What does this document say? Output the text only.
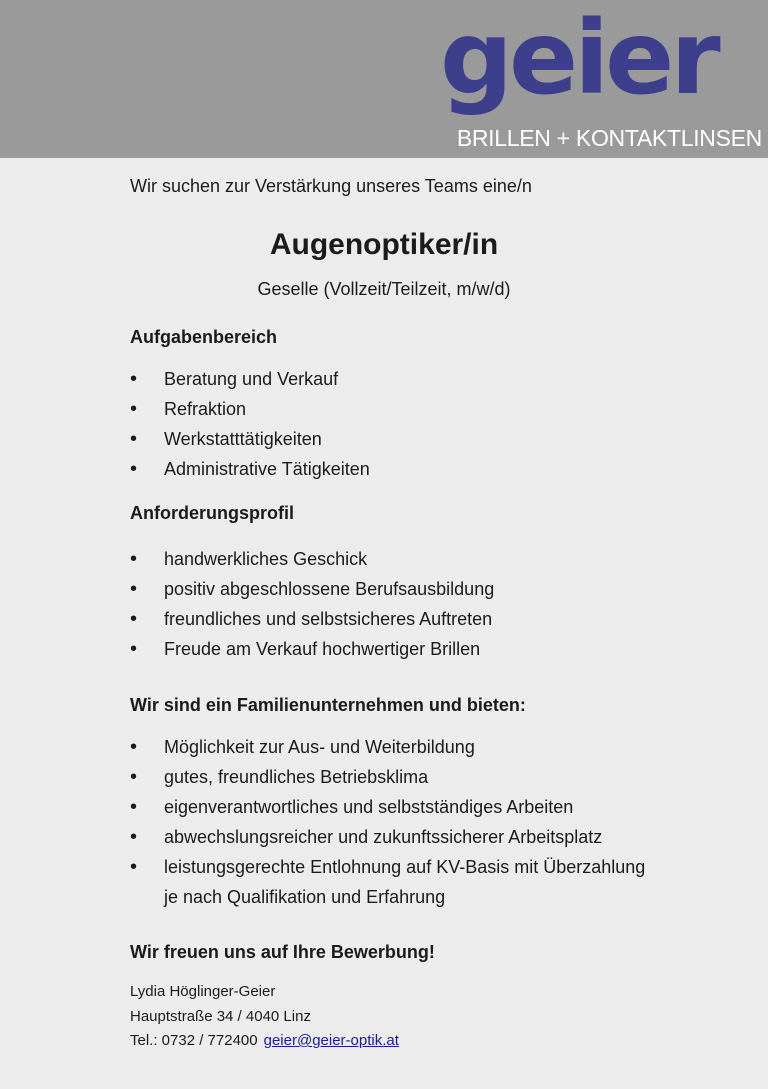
geier
BRILLEN + KONTAKTLINSEN
Wir suchen zur Verstärkung unseres Teams eine/n
Augenoptiker/in
Geselle (Vollzeit/Teilzeit, m/w/d)
Aufgabenbereich
• Beratung und Verkauf
• Refraktion
• Werkstatttätigkeiten
• Administrative Tätigkeiten
Anforderungsprofil
• handwerkliches Geschick
• positiv abgeschlossene Berufsausbildung
• freundliches und selbstsicheres Auftreten
• Freude am Verkauf hochwertiger Brillen
Wir sind ein Familienunternehmen und bieten:
• Möglichkeit zur Aus- und Weiterbildung
• gutes, freundliches Betriebsklima
• eigenverantwortliches und selbstständiges Arbeiten
• abwechslungsreicher und zukunftssicherer Arbeitsplatz
• leistungsgerechte Entlohnung auf KV-Basis mit Überzahlung
je nach Qualifikation und Erfahrung
Wir freuen uns auf Ihre Bewerbung!
Lydia Höglinger-Geier
Hauptstraße 34 / 4040 Linz
Tel.: 0732 / 772400 geier@geier-optik.at
